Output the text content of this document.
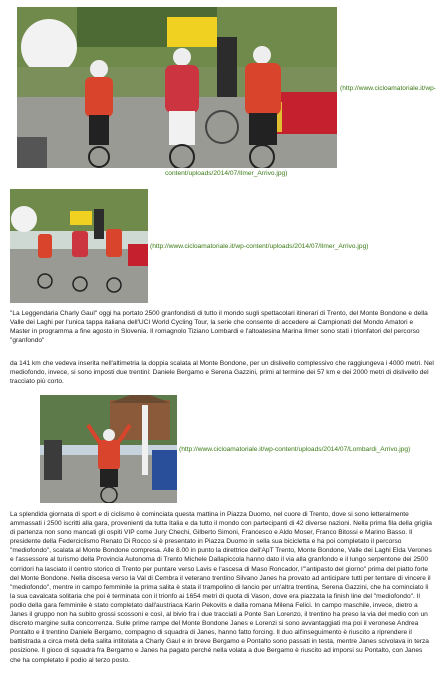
(http://www.cicloamatoriale.it/wp-
content/uploads/2014/07/Ilmer_Arrivo.jpg)
(http://www.cicloamatoriale.it/wp-content/uploads/2014/07/Ilmer_Arrivo.jpg)

"La Leggendaria Charly Gaul" oggi ha portato 2500 granfondisti di tutto il mondo sugli spettacolari itinerari di Trento, del Monte Bondone e della Valle dei Laghi per l'unica tappa italiana dell'UCI World Cycling Tour, la serie che consente di accedere ai Campionati del Mondo Amatori e Master in programma a fine agosto in Slovenia. Il romagnolo Tiziano Lombardi e l'altoatesina Marina Ilmer sono stati i trionfatori del percorso "granfondo"

da 141 km che vedeva inserita nell'altimetria la doppia scalata al Monte Bondone, per un dislivello complessivo che raggiungeva i 4000 metri. Nel mediofondo, invece, si sono imposti due trentini: Daniele Bergamo e Serena Gazzini, primi al termine dei 57 km e dei 2000 metri di dislivello del tracciato più corto.

(http://www.cicloamatoriale.it/wp-content/uploads/2014/07/Lombardi_Arrivo.jpg)

La splendida giornata di sport e di ciclismo è cominciata questa mattina in Piazza Duomo, nel cuore di Trento, dove si sono letteralmente ammassati i 2500 iscritti alla gara, provenienti da tutta Italia e da tutto il mondo con partecipanti di 42 diverse nazioni. Nella prima fila della griglia di partenza non sono mancati gli ospiti VIP come Jury Chechi, Gilberto Simoni, Francesco e Aldo Moser, Franco Bitossi e Marino Basso. Il presidente della Federciclismo Renato Di Rocco si è presentato in Piazza Duomo in sella sua bicicletta e ha poi completato il percorso "mediofondo", scalata al Monte Bondone compresa. Alle 8.00 in punto la direttrice dell'ApT Trento, Monte Bondone, Valle dei Laghi Elda Verones e l'assessore al turismo della Provincia Autonoma di Trento Michele Dallapiccola hanno dato il via alla granfondo e il lungo serpentone dei 2500 corridori ha lasciato il centro storico di Trento per puntare verso Lavis e l'ascesa di Maso Roncador, l'"antipasto del giorno" prima del piatto forte del Monte Bondone. Nella discesa verso la Val di Cembra il veterano trentino Silvano Janes ha provato ad anticipare tutti per tentare di vincere il "mediofondo", mentre in campo femminile la prima salita è stata il trampolino di lancio per un'altra trentina, Serena Gazzini, che ha cominciato lì la sua cavalcata solitaria che poi è terminata con il trionfo ai 1654 metri di quota di Vason, dove era piazzata la finish line del "mediofondo". Il podio della gara femminile è stato completato dall'austriaca Karin Pekovits e dalla romana Milena Felici. In campo maschile, invece, dietro a Janes il gruppo non ha subito grossi scossoni e così, al bivio fra i due tracciati a Ponte San Lorenzo, il trentino ha preso la via del medio con un discreto margine sulla concorrenza. Sulle prime rampe del Monte Bondone Janes e Lorenzi si sono avvantaggiati ma poi il veronese Andrea Pontalto e il trentino Daniele Bergamo, compagno di squadra di Janes, hanno fatto forcing. Il duo all'inseguimento è riuscito a riprendere il battistrada a circa metà della salita intitolata a Charly Gaul e in breve Bergamo e Pontalto sono passati in testa, mentre Janes scivolava in terza posizione. Il gioco di squadra fra Bergamo e Janes ha pagato perché nella volata a due Bergamo è riuscito ad imporsi su Pontalto, con Janes che ha completato il podio al terzo posto.
